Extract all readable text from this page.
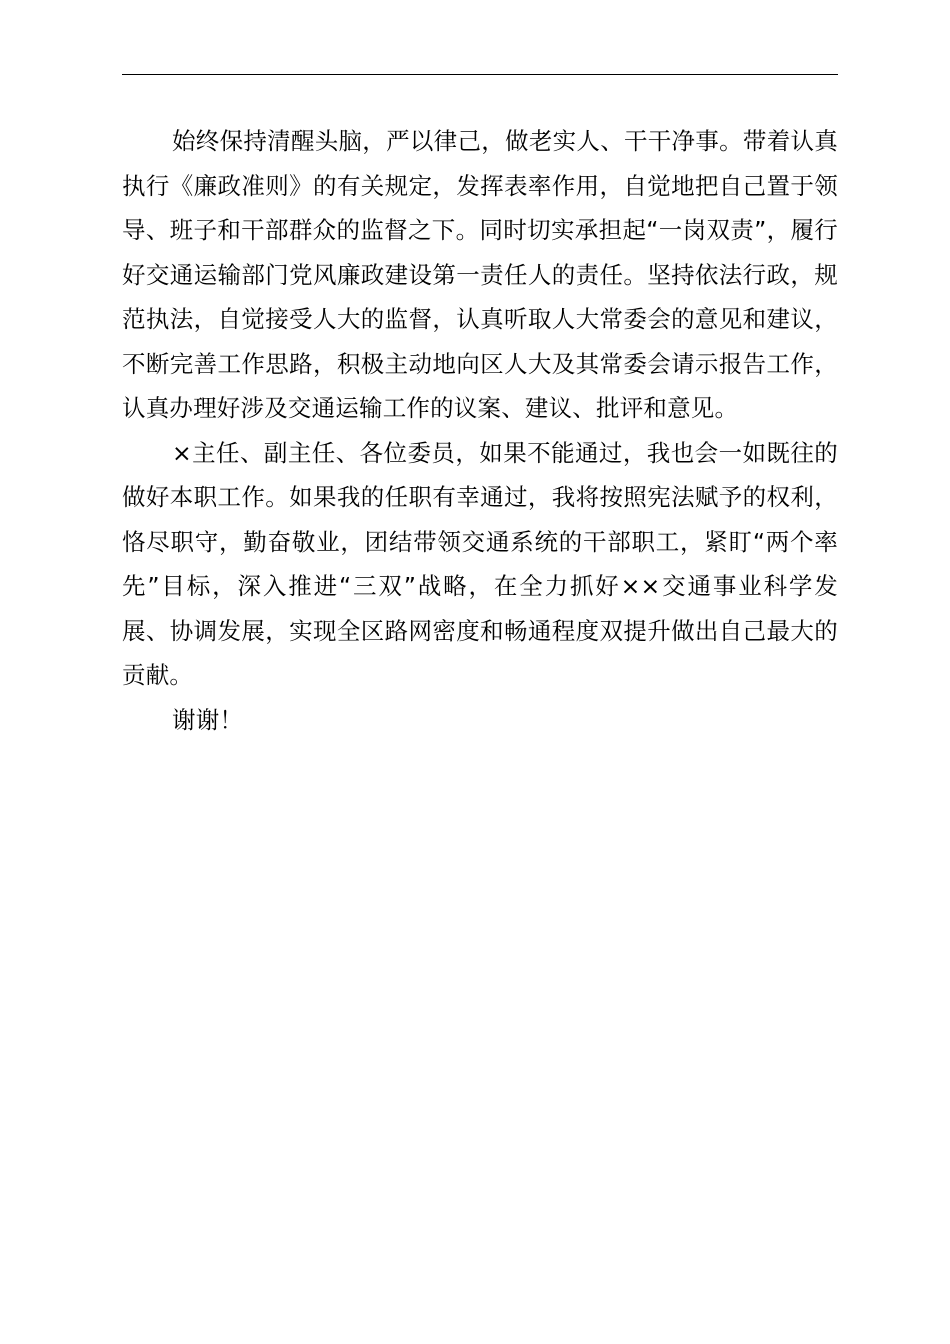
始终保持清醒头脑，严以律己，做老实人、干干净事。带着认真执行《廉政准则》的有关规定，发挥表率作用，自觉地把自己置于领导、班子和干部群众的监督之下。同时切实承担起“一岗双责”，履行好交通运输部门党风廉政建设第一责任人的责任。坚持依法行政，规范执法，自觉接受人大的监督，认真听取人大常委会的意见和建议，不断完善工作思路，积极主动地向区人大及其常委会请示报告工作，认真办理好涉及交通运输工作的议案、建议、批评和意见。

×主任、副主任、各位委员，如果不能通过，我也会一如既往的做好本职工作。如果我的任职有幸通过，我将按照宪法赋予的权利，恪尽职守，勤奋敬业，团结带领交通系统的干部职工，紧盯“两个率先”目标，深入推进“三双”战略，在全力抓好××交通事业科学发展、协调发展，实现全区路网密度和畅通程度双提升做出自己最大的贡献。

谢谢！
